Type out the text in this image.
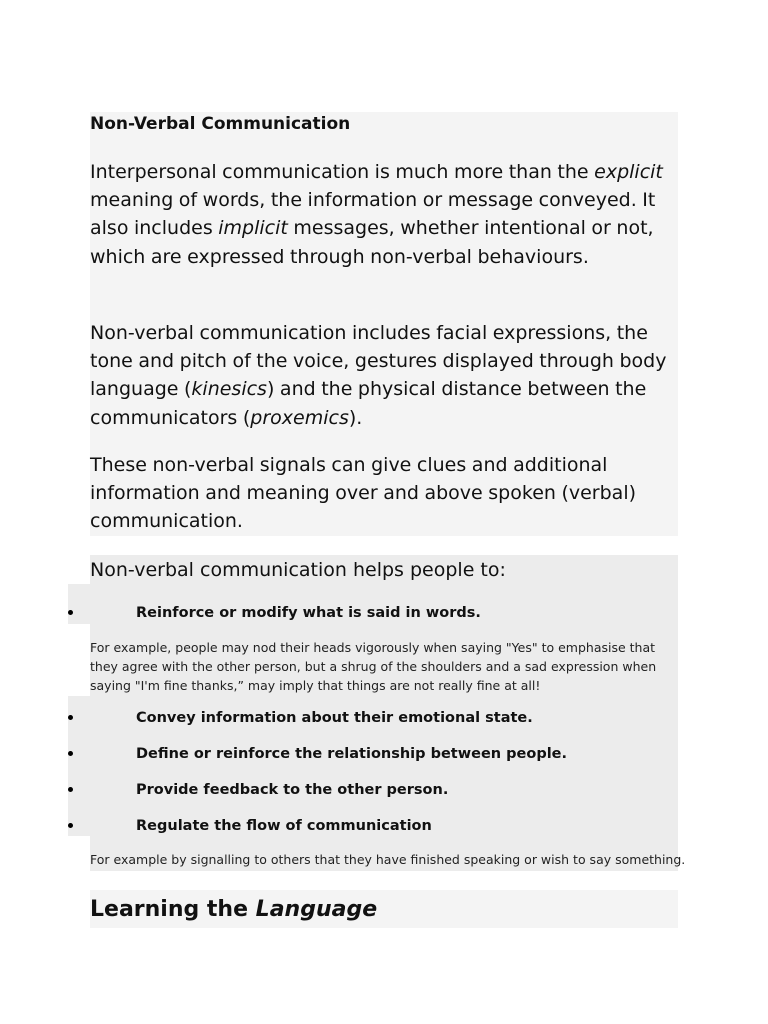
Non-Verbal Communication

Interpersonal communication is much more than the explicit meaning of words, the information or message conveyed. It also includes implicit messages, whether intentional or not, which are expressed through non-verbal behaviours.

Non-verbal communication includes facial expressions, the tone and pitch of the voice, gestures displayed through body language (kinesics) and the physical distance between the communicators (proxemics).

These non-verbal signals can give clues and additional information and meaning over and above spoken (verbal) communication.

Non-verbal communication helps people to:

Reinforce or modify what is said in words.

For example, people may nod their heads vigorously when saying "Yes" to emphasise that they agree with the other person, but a shrug of the shoulders and a sad expression when saying "I'm fine thanks,” may imply that things are not really fine at all!

Convey information about their emotional state.
Define or reinforce the relationship between people.
Provide feedback to the other person.
Regulate the flow of communication

For example by signalling to others that they have finished speaking or wish to say something.

Learning the Language
